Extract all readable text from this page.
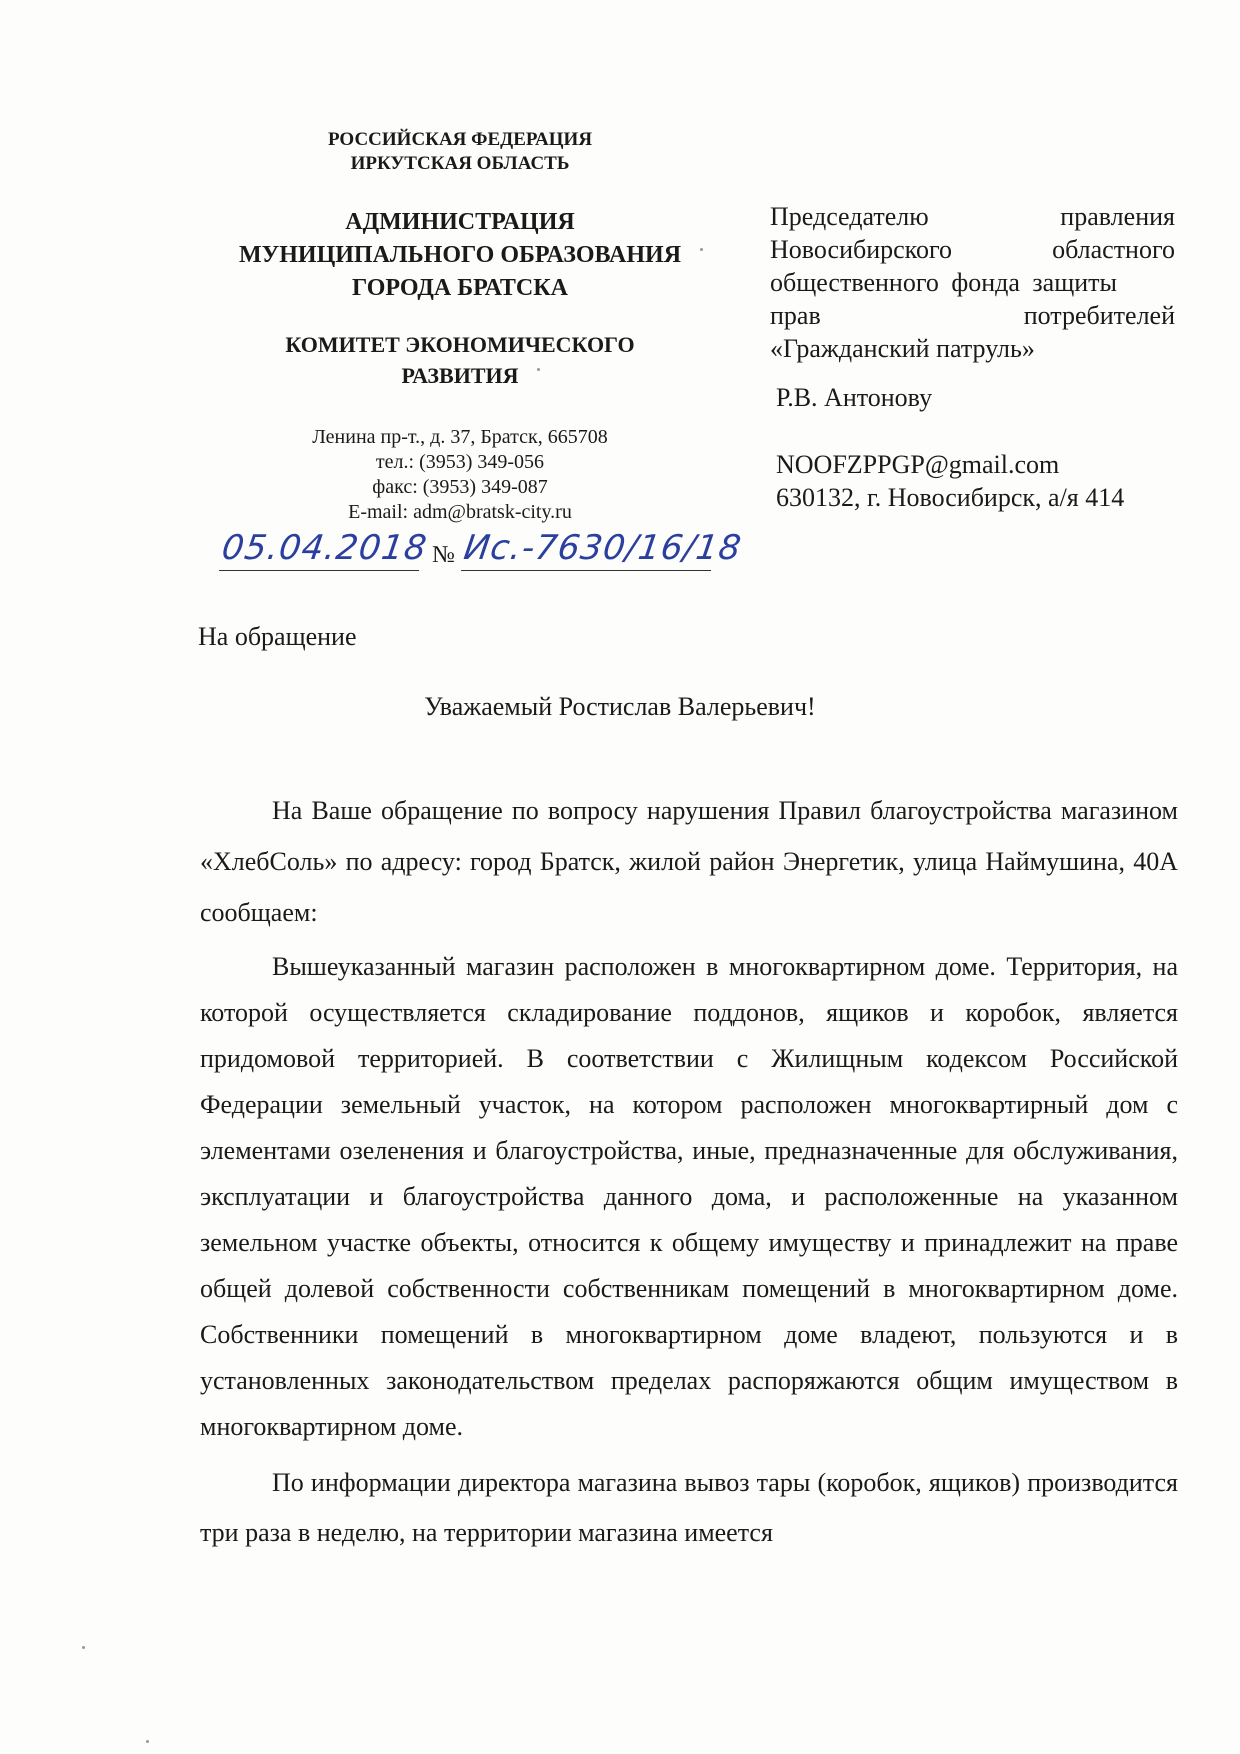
РОССИЙСКАЯ ФЕДЕРАЦИЯ
ИРКУТСКАЯ ОБЛАСТЬ
АДМИНИСТРАЦИЯ
МУНИЦИПАЛЬНОГО ОБРАЗОВАНИЯ
ГОРОДА БРАТСКА
КОМИТЕТ ЭКОНОМИЧЕСКОГО
РАЗВИТИЯ
Ленина пр-т., д. 37, Братск, 665708
тел.: (3953) 349-056
факс: (3953) 349-087
E-mail: adm@bratsk-city.ru
Председателю	правления
Новосибирского	областного
общественного фонда защиты
прав	потребителей
«Гражданский патруль»
Р.В. Антонову
NOOFZPPGP@gmail.com
630132, г. Новосибирск, а/я 414
05.04.2018 № Ис.-7630/16/18
На обращение
Уважаемый Ростислав Валерьевич!

На Ваше обращение по вопросу нарушения Правил благоустройства магазином «ХлебСоль» по адресу: город Братск, жилой район Энергетик, улица Наймушина, 40А сообщаем:

Вышеуказанный магазин расположен в многоквартирном доме. Территория, на которой осуществляется складирование поддонов, ящиков и коробок, является придомовой территорией. В соответствии с Жилищным кодексом Российской Федерации земельный участок, на котором расположен многоквартирный дом с элементами озеленения и благоустройства, иные, предназначенные для обслуживания, эксплуатации и благоустройства данного дома, и расположенные на указанном земельном участке объекты, относится к общему имуществу и принадлежит на праве общей долевой собственности собственникам помещений в многоквартирном доме. Собственники помещений в многоквартирном доме владеют, пользуются и в установленных законодательством пределах распоряжаются общим имуществом в многоквартирном доме.

По информации директора магазина вывоз тары (коробок, ящиков) производится три раза в неделю, на территории магазина имеется
